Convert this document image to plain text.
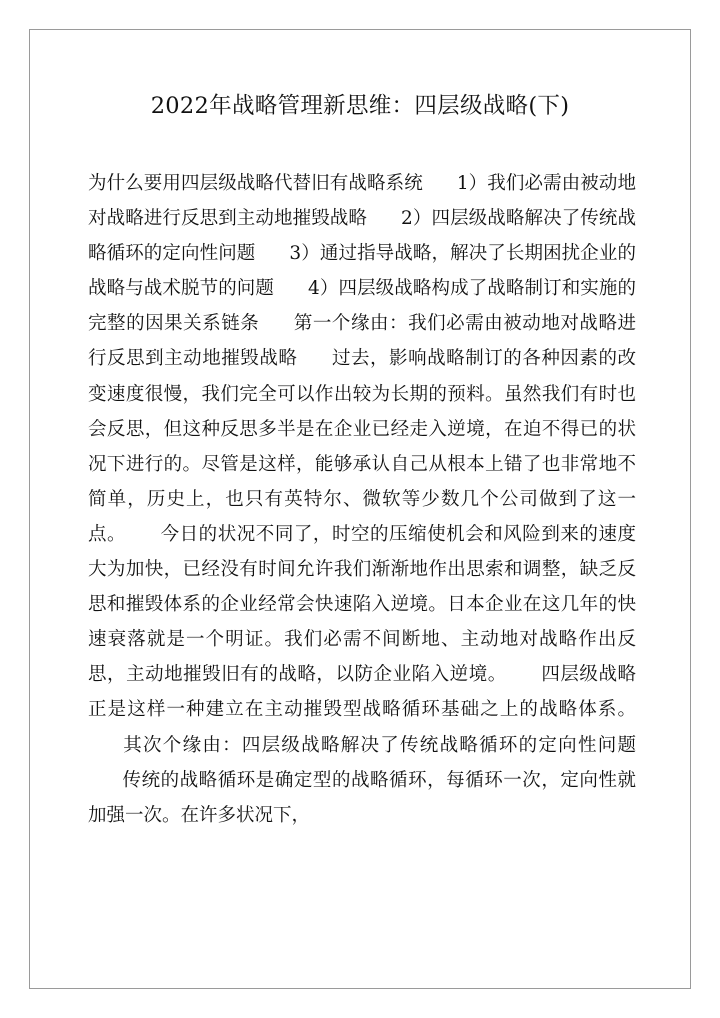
2022年战略管理新思维：四层级战略(下)
为什么要用四层级战略代替旧有战略系统 1）我们必需由被动地对战略进行反思到主动地摧毁战略 2）四层级战略解决了传统战略循环的定向性问题 3）通过指导战略，解决了长期困扰企业的战略与战术脱节的问题 4）四层级战略构成了战略制订和实施的完整的因果关系链条 第一个缘由：我们必需由被动地对战略进行反思到主动地摧毁战略 过去，影响战略制订的各种因素的改变速度很慢，我们完全可以作出较为长期的预料。虽然我们有时也会反思，但这种反思多半是在企业已经走入逆境，在迫不得已的状况下进行的。尽管是这样，能够承认自己从根本上错了也非常地不简单，历史上，也只有英特尔、微软等少数几个公司做到了这一点。 今日的状况不同了，时空的压缩使机会和风险到来的速度大为加快，已经没有时间允许我们渐渐地作出思索和调整，缺乏反思和摧毁体系的企业经常会快速陷入逆境。日本企业在这几年的快速衰落就是一个明证。我们必需不间断地、主动地对战略作出反思，主动地摧毁旧有的战略，以防企业陷入逆境。 四层级战略正是这样一种建立在主动摧毁型战略循环基础之上的战略体系。其次个缘由：四层级战略解决了传统战略循环的定向性问题传统的战略循环是确定型的战略循环，每循环一次，定向性就加强一次。在许多状况下，
